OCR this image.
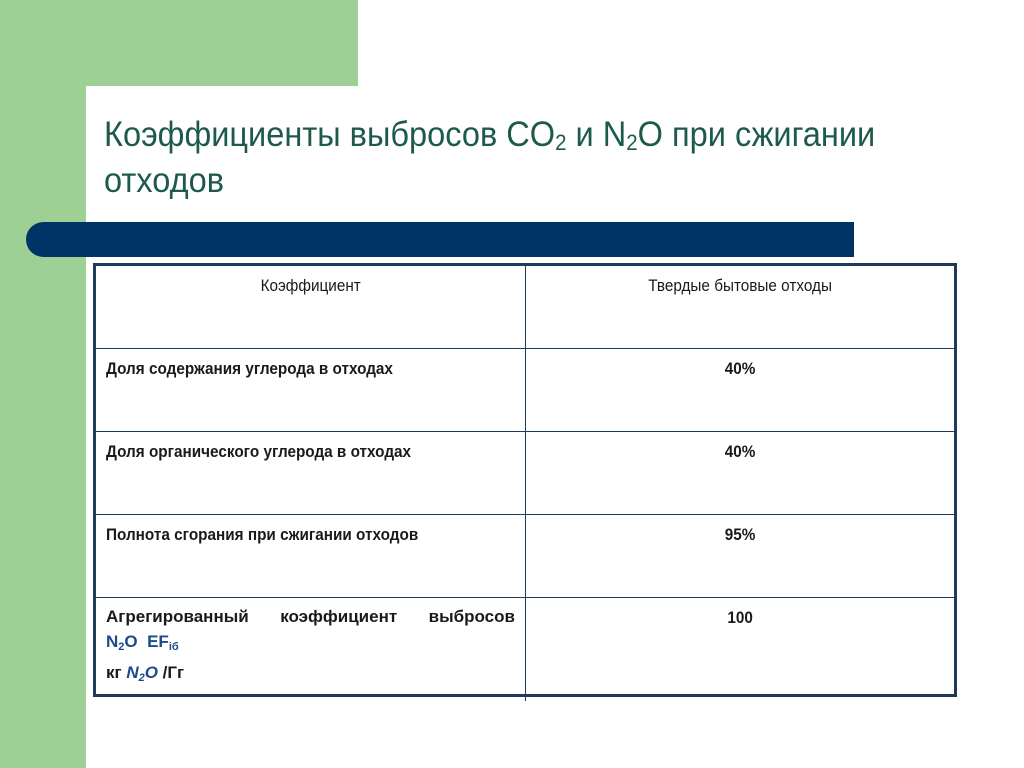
Коэффициенты выбросов $CO_2$ и $N_2O$ при сжигании
отходов
Коэффициент	Твердые бытовые отходы
Доля содержания углерода в отходах	40%
Доля органического углерода в отходах	40%
Полнота сгорания при сжигании отходов	95%

Агрегированный коэффициент выбросов
$N_2O$ $EF_{iб}$
кг $N_2O$ /Гг	100
